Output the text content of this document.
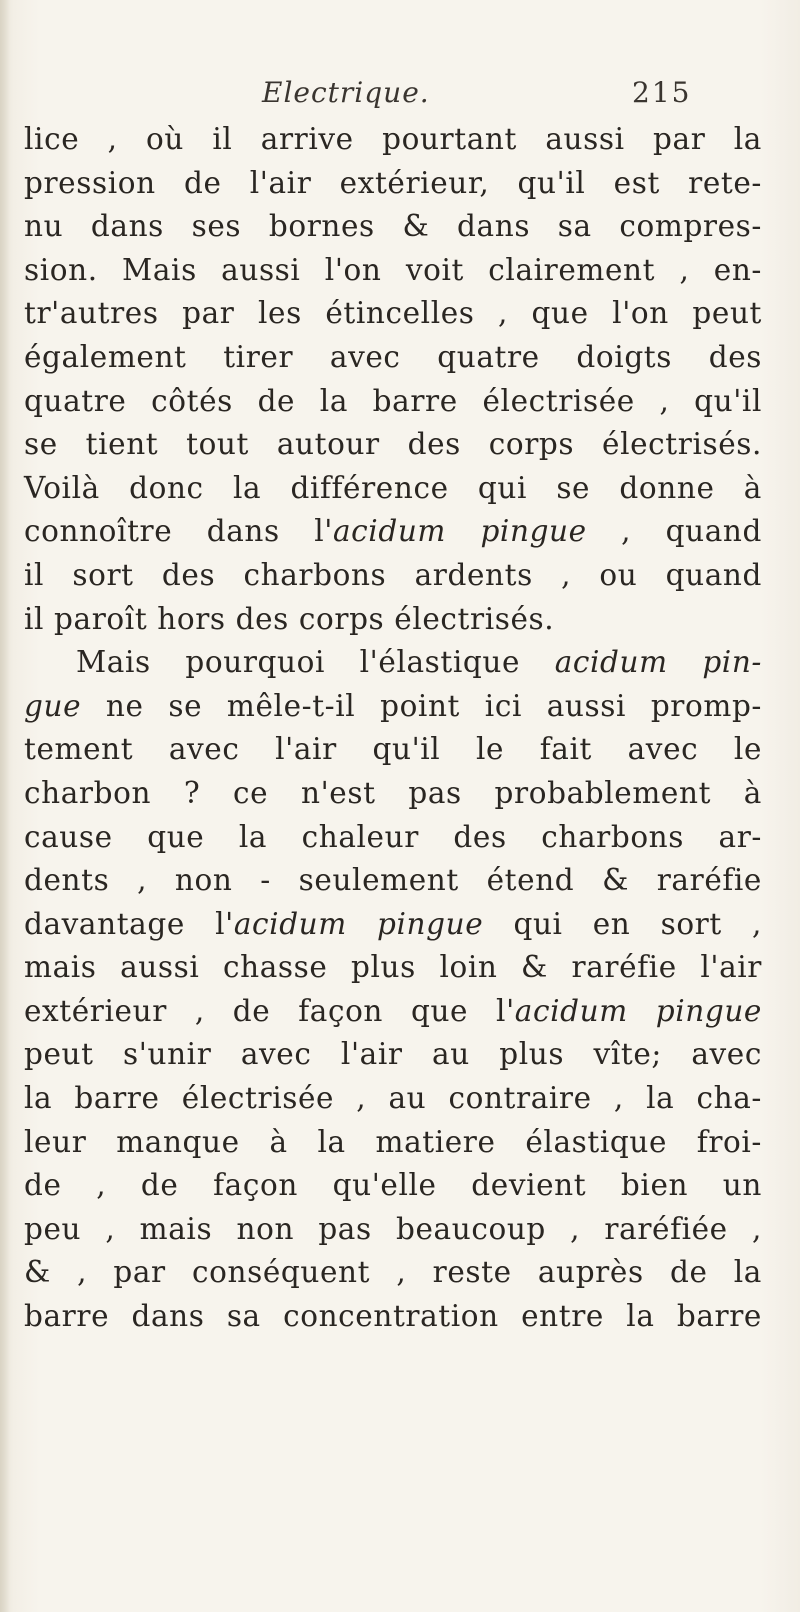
Electrique.	215
lice , où il arrive pourtant aussi par la
pression de l'air extérieur, qu'il est rete-
nu dans ses bornes & dans sa compres-
sion. Mais aussi l'on voit clairement , en-
tr'autres par les étincelles , que l'on peut
également tirer avec quatre doigts des
quatre côtés de la barre électrisée , qu'il
se tient tout autour des corps électrisés.
Voilà donc la différence qui se donne à
connoître dans l'acidum pingue , quand
il sort des charbons ardents , ou quand
il paroît hors des corps électrisés.
Mais pourquoi l'élastique acidum pin-
gue ne se mêle-t-il point ici aussi promp-
tement avec l'air qu'il le fait avec le
charbon ? ce n'est pas probablement à
cause que la chaleur des charbons ar-
dents , non - seulement étend & raréfie
davantage l'acidum pingue qui en sort ,
mais aussi chasse plus loin & raréfie l'air
extérieur , de façon que l'acidum pingue
peut s'unir avec l'air au plus vîte; avec
la barre électrisée , au contraire , la cha-
leur manque à la matiere élastique froi-
de , de façon qu'elle devient bien un
peu , mais non pas beaucoup , raréfiée ,
& , par conséquent , reste auprès de la
barre dans sa concentration entre la barre
